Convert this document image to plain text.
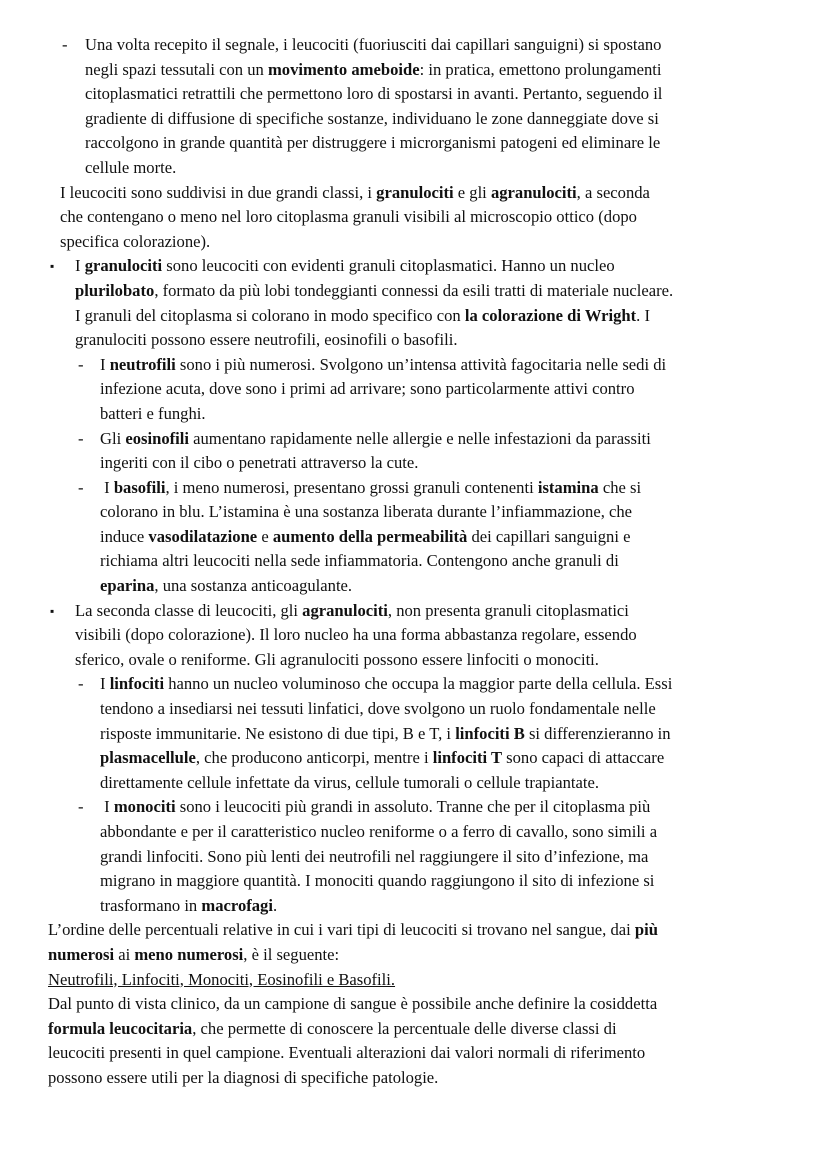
-	Una volta recepito il segnale, i leucociti (fuoriusciti dai capillari sanguigni) si spostano
negli spazi tessutali con un movimento ameboide: in pratica, emettono prolungamenti
citoplasmatici retrattili che permettono loro di spostarsi in avanti. Pertanto, seguendo il
gradiente di diffusione di specifiche sostanze, individuano le zone danneggiate dove si
raccolgono in grande quantità per distruggere i microrganismi patogeni ed eliminare le
cellule morte.
I leucociti sono suddivisi in due grandi classi, i granulociti e gli agranulociti, a seconda
che contengano o meno nel loro citoplasma granuli visibili al microscopio ottico (dopo
specifica colorazione).
▪	I granulociti sono leucociti con evidenti granuli citoplasmatici. Hanno un nucleo
plurilobato, formato da più lobi tondeggianti connessi da esili tratti di materiale nucleare.
I granuli del citoplasma si colorano in modo specifico con la colorazione di Wright. I
granulociti possono essere neutrofili, eosinofili o basofili.
- I neutrofili sono i più numerosi. Svolgono un’intensa attività fagocitaria nelle sedi di
infezione acuta, dove sono i primi ad arrivare; sono particolarmente attivi contro
batteri e funghi.
- Gli eosinofili aumentano rapidamente nelle allergie e nelle infestazioni da parassiti
ingeriti con il cibo o penetrati attraverso la cute.
- I basofili, i meno numerosi, presentano grossi granuli contenenti istamina che si
colorano in blu. L’istamina è una sostanza liberata durante l’infiammazione, che
induce vasodilatazione e aumento della permeabilità dei capillari sanguigni e
richiama altri leucociti nella sede infiammatoria. Contengono anche granuli di
eparina, una sostanza anticoagulante.
▪	La seconda classe di leucociti, gli agranulociti, non presenta granuli citoplasmatici
visibili (dopo colorazione). Il loro nucleo ha una forma abbastanza regolare, essendo
sferico, ovale o reniforme. Gli agranulociti possono essere linfociti o monociti.
- I linfociti hanno un nucleo voluminoso che occupa la maggior parte della cellula. Essi
tendono a insediarsi nei tessuti linfatici, dove svolgono un ruolo fondamentale nelle
risposte immunitarie. Ne esistono di due tipi, B e T, i linfociti B si differenzieranno in
plasmacellule, che producono anticorpi, mentre i linfociti T sono capaci di attaccare
direttamente cellule infettate da virus, cellule tumorali o cellule trapiantate.
- I monociti sono i leucociti più grandi in assoluto. Tranne che per il citoplasma più
abbondante e per il caratteristico nucleo reniforme o a ferro di cavallo, sono simili a
grandi linfociti. Sono più lenti dei neutrofili nel raggiungere il sito d’infezione, ma
migrano in maggiore quantità. I monociti quando raggiungono il sito di infezione si
trasformano in macrofagi.
L’ordine delle percentuali relative in cui i vari tipi di leucociti si trovano nel sangue, dai più
numerosi ai meno numerosi, è il seguente:
Neutrofili, Linfociti, Monociti, Eosinofili e Basofili.
Dal punto di vista clinico, da un campione di sangue è possibile anche definire la cosiddetta
formula leucocitaria, che permette di conoscere la percentuale delle diverse classi di
leucociti presenti in quel campione. Eventuali alterazioni dai valori normali di riferimento
possono essere utili per la diagnosi di specifiche patologie.
